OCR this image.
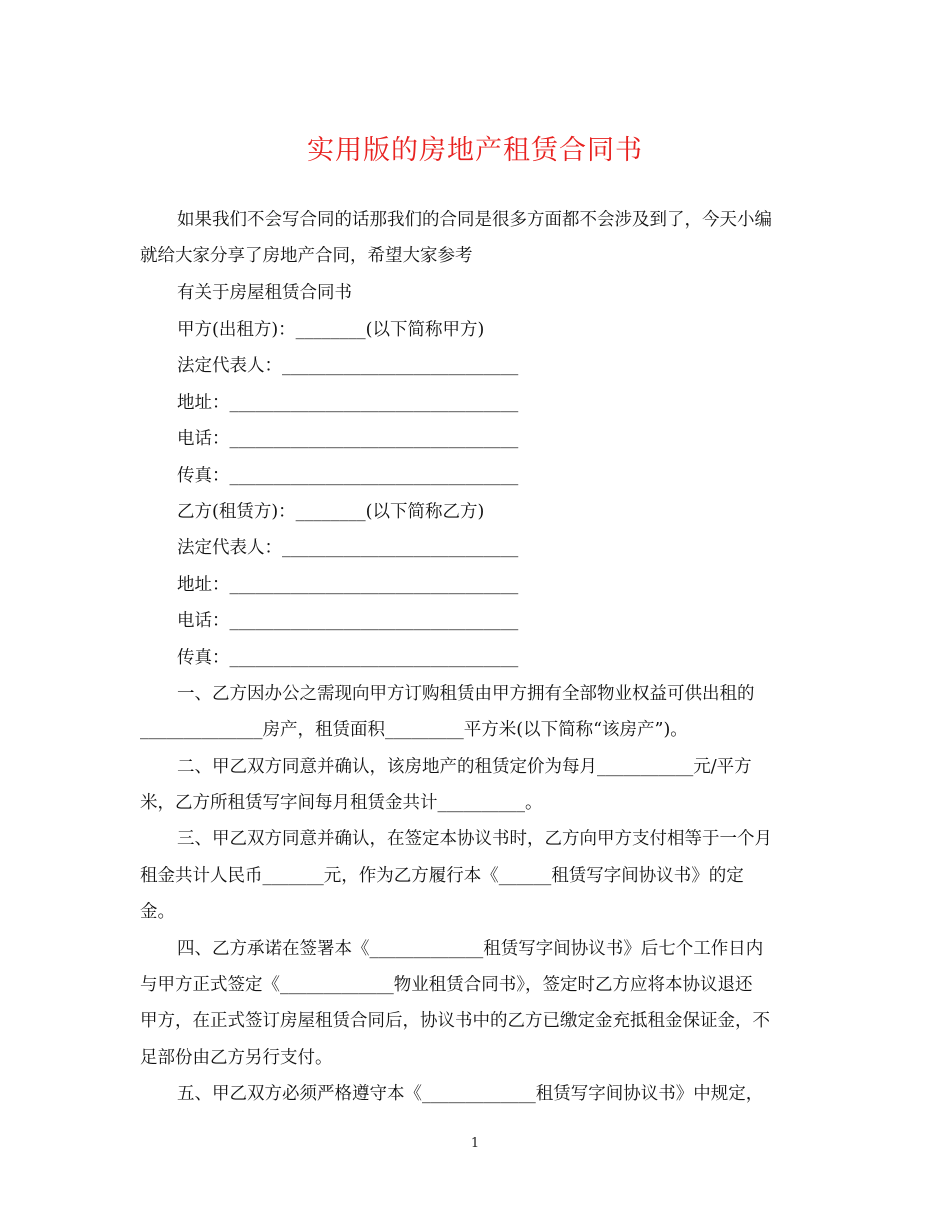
实用版的房地产租赁合同书
如果我们不会写合同的话那我们的合同是很多方面都不会涉及到了，今天小编
就给大家分享了房地产合同，希望大家参考
有关于房屋租赁合同书
甲方(出租方)：________(以下简称甲方)
法定代表人：___________________________
地址：_________________________________
电话：_________________________________
传真：_________________________________
乙方(租赁方)：________(以下简称乙方)
法定代表人：___________________________
地址：_________________________________
电话：_________________________________
传真：_________________________________
一、乙方因办公之需现向甲方订购租赁由甲方拥有全部物业权益可供出租的
______________房产，租赁面积_________平方米(以下简称“该房产”)。
二、甲乙双方同意并确认，该房地产的租赁定价为每月___________元/平方
米，乙方所租赁写字间每月租赁金共计__________。
三、甲乙双方同意并确认，在签定本协议书时，乙方向甲方支付相等于一个月
租金共计人民币_______元，作为乙方履行本《______租赁写字间协议书》的定
金。
四、乙方承诺在签署本《_____________租赁写字间协议书》后七个工作日内
与甲方正式签定《_____________物业租赁合同书》，签定时乙方应将本协议退还
甲方，在正式签订房屋租赁合同后，协议书中的乙方已缴定金充抵租金保证金，不
足部份由乙方另行支付。
五、甲乙双方必须严格遵守本《_____________租赁写字间协议书》中规定，
1
